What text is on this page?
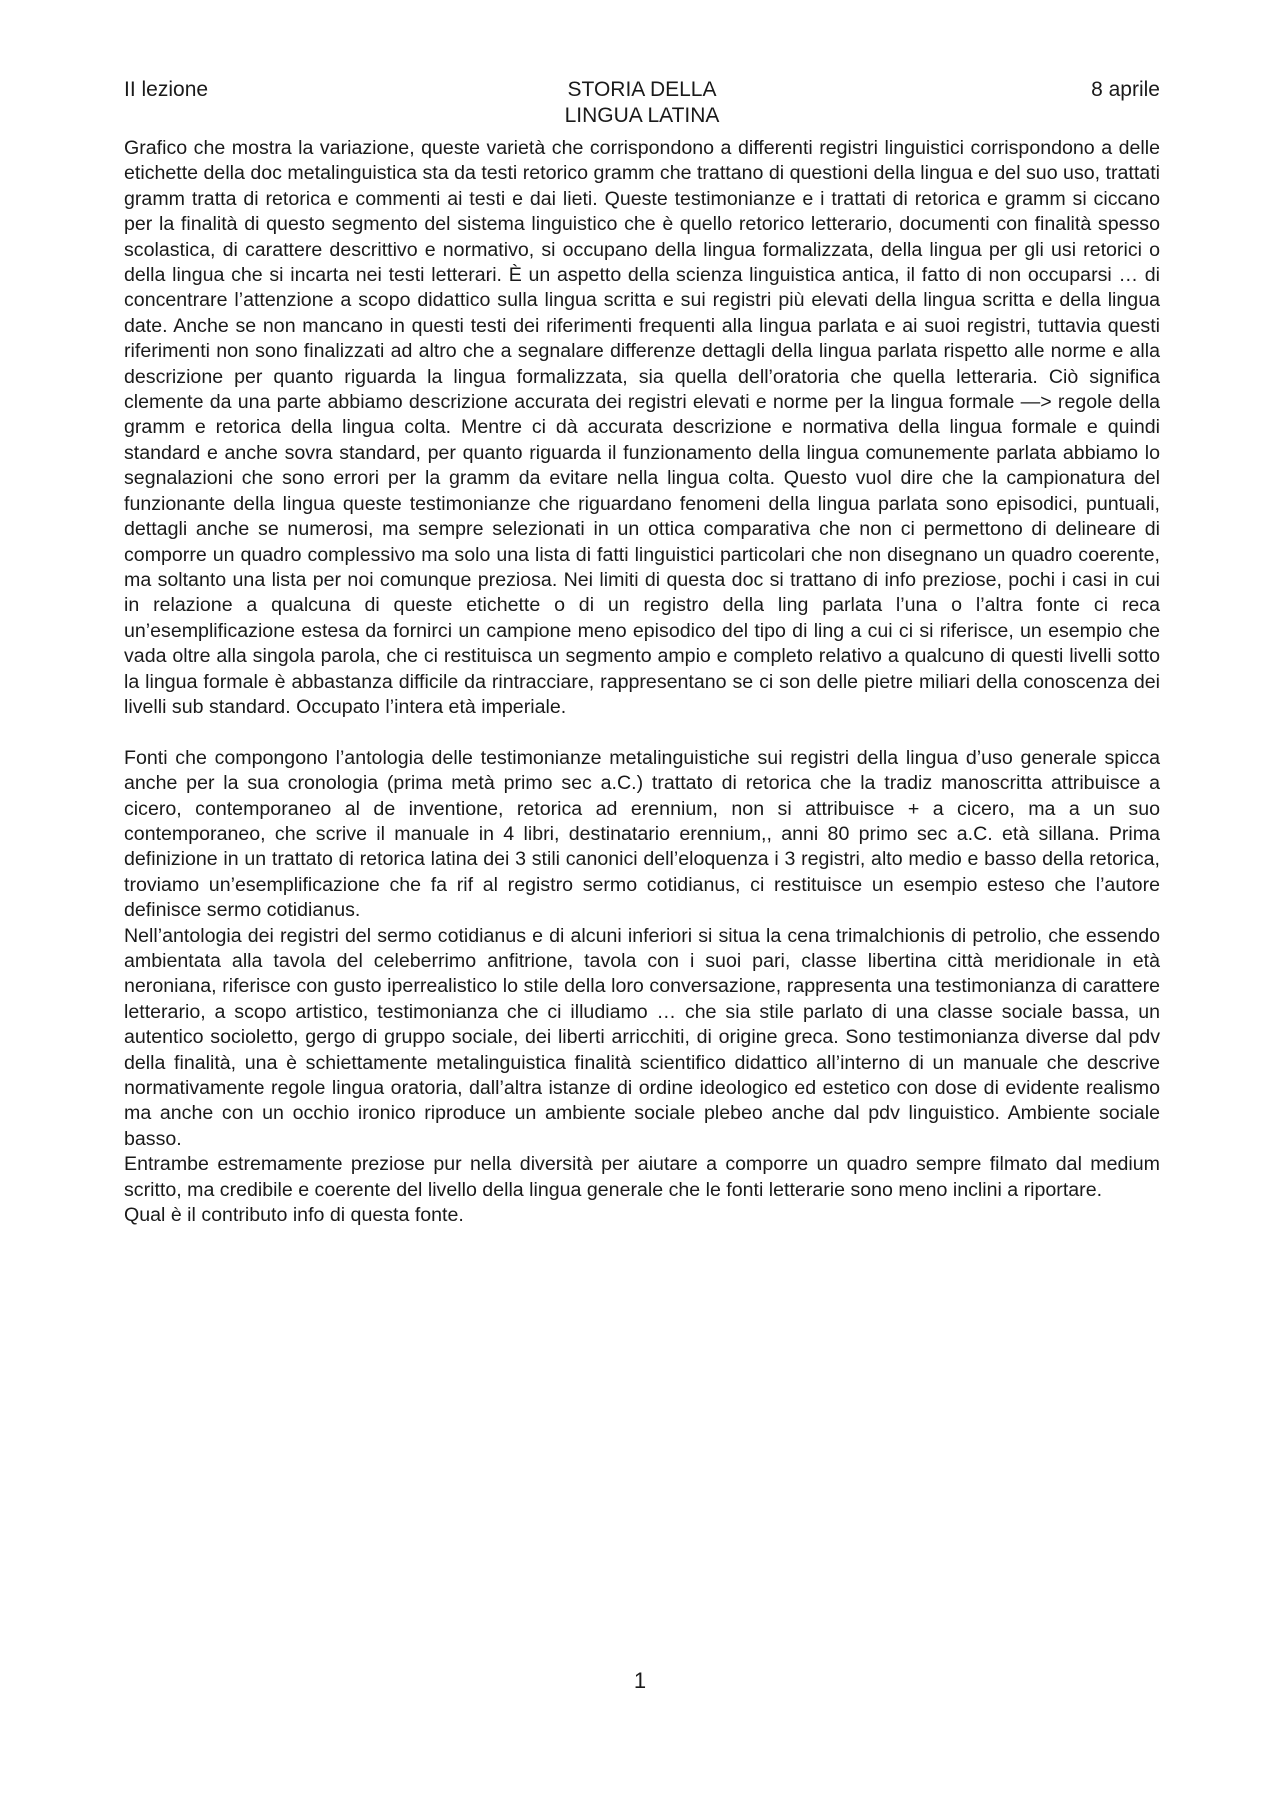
II lezione	STORIA DELLA
LINGUA LATINA
8 aprile

Grafico che mostra la variazione, queste varietà che corrispondono a differenti registri linguistici corrispondono a delle etichette della doc metalinguistica sta da testi retorico gramm che trattano di questioni della lingua e del suo uso, trattati gramm tratta di retorica e commenti ai testi e dai lieti. Queste testimonianze e i trattati di retorica e gramm si ciccano per la finalità di questo segmento del sistema linguistico che è quello retorico letterario, documenti con finalità spesso scolastica, di carattere descrittivo e normativo, si occupano della lingua formalizzata, della lingua per gli usi retorici o della lingua che si incarta nei testi letterari. È un aspetto della scienza linguistica antica, il fatto di non occuparsi … di concentrare l’attenzione a scopo didattico sulla lingua scritta e sui registri più elevati della lingua scritta e della lingua date. Anche se non mancano in questi testi dei riferimenti frequenti alla lingua parlata e ai suoi registri, tuttavia questi riferimenti non sono finalizzati ad altro che a segnalare differenze dettagli della lingua parlata rispetto alle norme e alla descrizione per quanto riguarda la lingua formalizzata, sia quella dell’oratoria che quella letteraria. Ciò significa clemente da una parte abbiamo descrizione accurata dei registri elevati e norme per la lingua formale —> regole della gramm e retorica della lingua colta. Mentre ci dà accurata descrizione e normativa della lingua formale e quindi standard e anche sovra standard, per quanto riguarda il funzionamento della lingua comunemente parlata abbiamo lo segnalazioni che sono errori per la gramm da evitare nella lingua colta. Questo vuol dire che la campionatura del funzionante della lingua queste testimonianze che riguardano fenomeni della lingua parlata sono episodici, puntuali, dettagli anche se numerosi, ma sempre selezionati in un ottica comparativa che non ci permettono di delineare di comporre un quadro complessivo ma solo una lista di fatti linguistici particolari che non disegnano un quadro coerente, ma soltanto una lista per noi comunque preziosa. Nei limiti di questa doc si trattano di info preziose, pochi i casi in cui in relazione a qualcuna di queste etichette o di un registro della ling parlata l’una o l’altra fonte ci reca un’esemplificazione estesa da fornirci un campione meno episodico del tipo di ling a cui ci si riferisce, un esempio che vada oltre alla singola parola, che ci restituisca un segmento ampio e completo relativo a qualcuno di questi livelli sotto la lingua formale è abbastanza difficile da rintracciare, rappresentano se ci son delle pietre miliari della conoscenza dei livelli sub standard. Occupato l’intera età imperiale.

Fonti che compongono l’antologia delle testimonianze metalinguistiche sui registri della lingua d’uso generale spicca anche per la sua cronologia (prima metà primo sec a.C.) trattato di retorica che la tradiz manoscritta attribuisce a cicero, contemporaneo al de inventione, retorica ad erennium, non si attribuisce + a cicero, ma a un suo contemporaneo, che scrive il manuale in 4 libri, destinatario erennium,, anni 80 primo sec a.C. età sillana. Prima definizione in un trattato di retorica latina dei 3 stili canonici dell’eloquenza i 3 registri, alto medio e basso della retorica, troviamo un’esemplificazione che fa rif al registro sermo cotidianus, ci restituisce un esempio esteso che l’autore definisce sermo cotidianus.

Nell’antologia dei registri del sermo cotidianus e di alcuni inferiori si situa la cena trimalchionis di petrolio, che essendo ambientata alla tavola del celeberrimo anfitrione, tavola con i suoi pari, classe libertina città meridionale in età neroniana, riferisce con gusto iperrealistico lo stile della loro conversazione, rappresenta una testimonianza di carattere letterario, a scopo artistico, testimonianza che ci illudiamo … che sia stile parlato di una classe sociale bassa, un autentico socioletto, gergo di gruppo sociale, dei liberti arricchiti, di origine greca. Sono testimonianza diverse dal pdv della finalità, una è schiettamente metalinguistica finalità scientifico didattico all’interno di un manuale che descrive normativamente regole lingua oratoria, dall’altra istanze di ordine ideologico ed estetico con dose di evidente realismo ma anche con un occhio ironico riproduce un ambiente sociale plebeo anche dal pdv linguistico. Ambiente sociale basso.

Entrambe estremamente preziose pur nella diversità per aiutare a comporre un quadro sempre filmato dal medium scritto, ma credibile e coerente del livello della lingua generale che le fonti letterarie sono meno inclini a riportare.

Qual è il contributo info di questa fonte.

1
